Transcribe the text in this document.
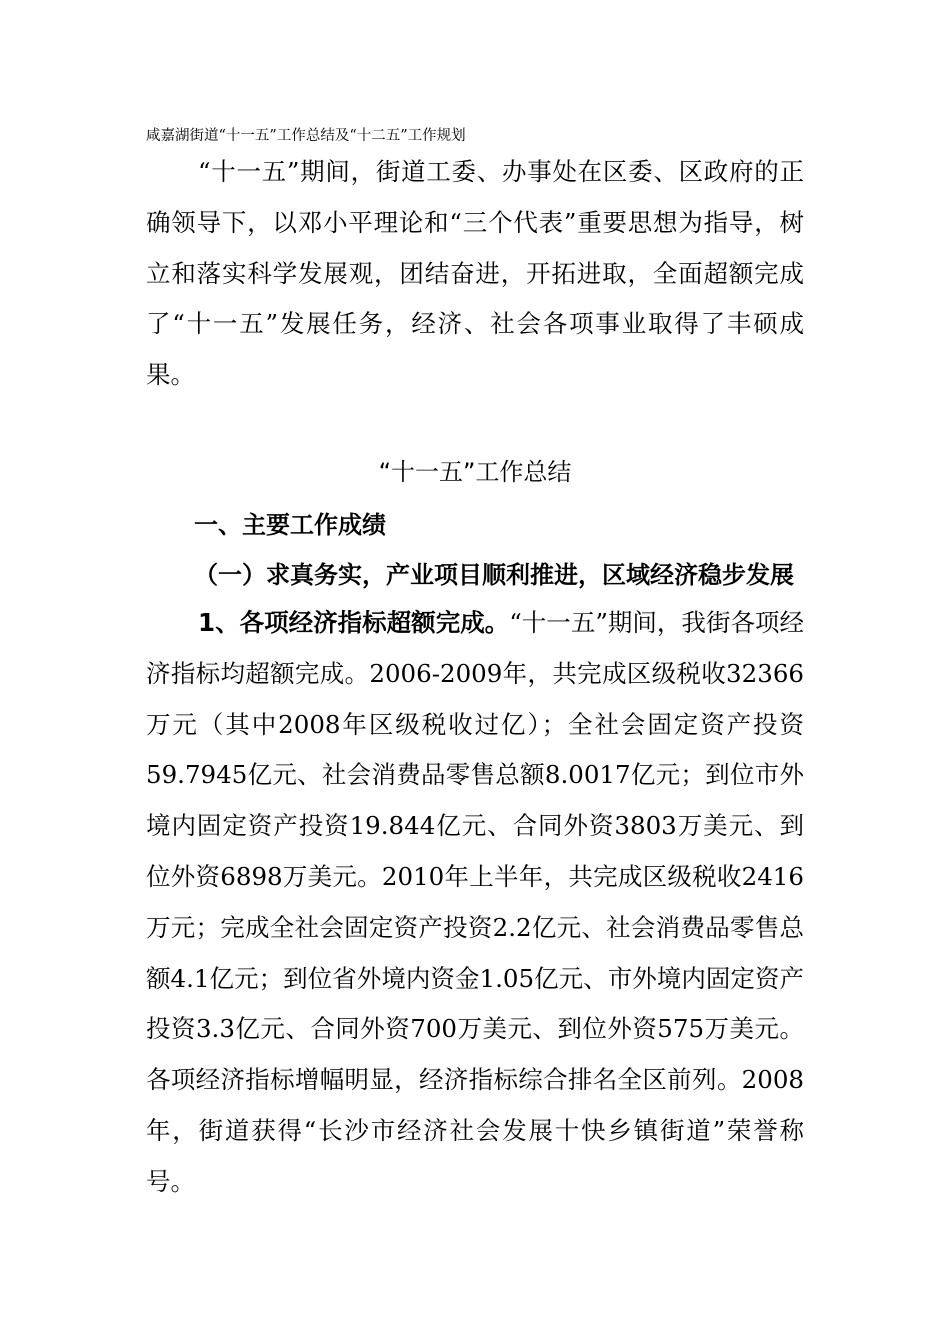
咸嘉湖街道“十一五”工作总结及“十二五”工作规划

“十一五”期间，街道工委、办事处在区委、区政府的正确领导下，以邓小平理论和“三个代表”重要思想为指导，树立和落实科学发展观，团结奋进，开拓进取，全面超额完成了“十一五”发展任务，经济、社会各项事业取得了丰硕成果。

“十一五”工作总结
一、主要工作成绩
（一）求真务实，产业项目顺利推进，区域经济稳步发展

1、各项经济指标超额完成。“十一五”期间，我街各项经济指标均超额完成。2006-2009年，共完成区级税收32366万元（其中2008年区级税收过亿）；全社会固定资产投资59.7945亿元、社会消费品零售总额8.0017亿元；到位市外境内固定资产投资19.844亿元、合同外资3803万美元、到位外资6898万美元。2010年上半年，共完成区级税收2416万元；完成全社会固定资产投资2.2亿元、社会消费品零售总额4.1亿元；到位省外境内资金1.05亿元、市外境内固定资产投资3.3亿元、合同外资700万美元、到位外资575万美元。各项经济指标增幅明显，经济指标综合排名全区前列。2008年，街道获得“长沙市经济社会发展十快乡镇街道”荣誉称号。
